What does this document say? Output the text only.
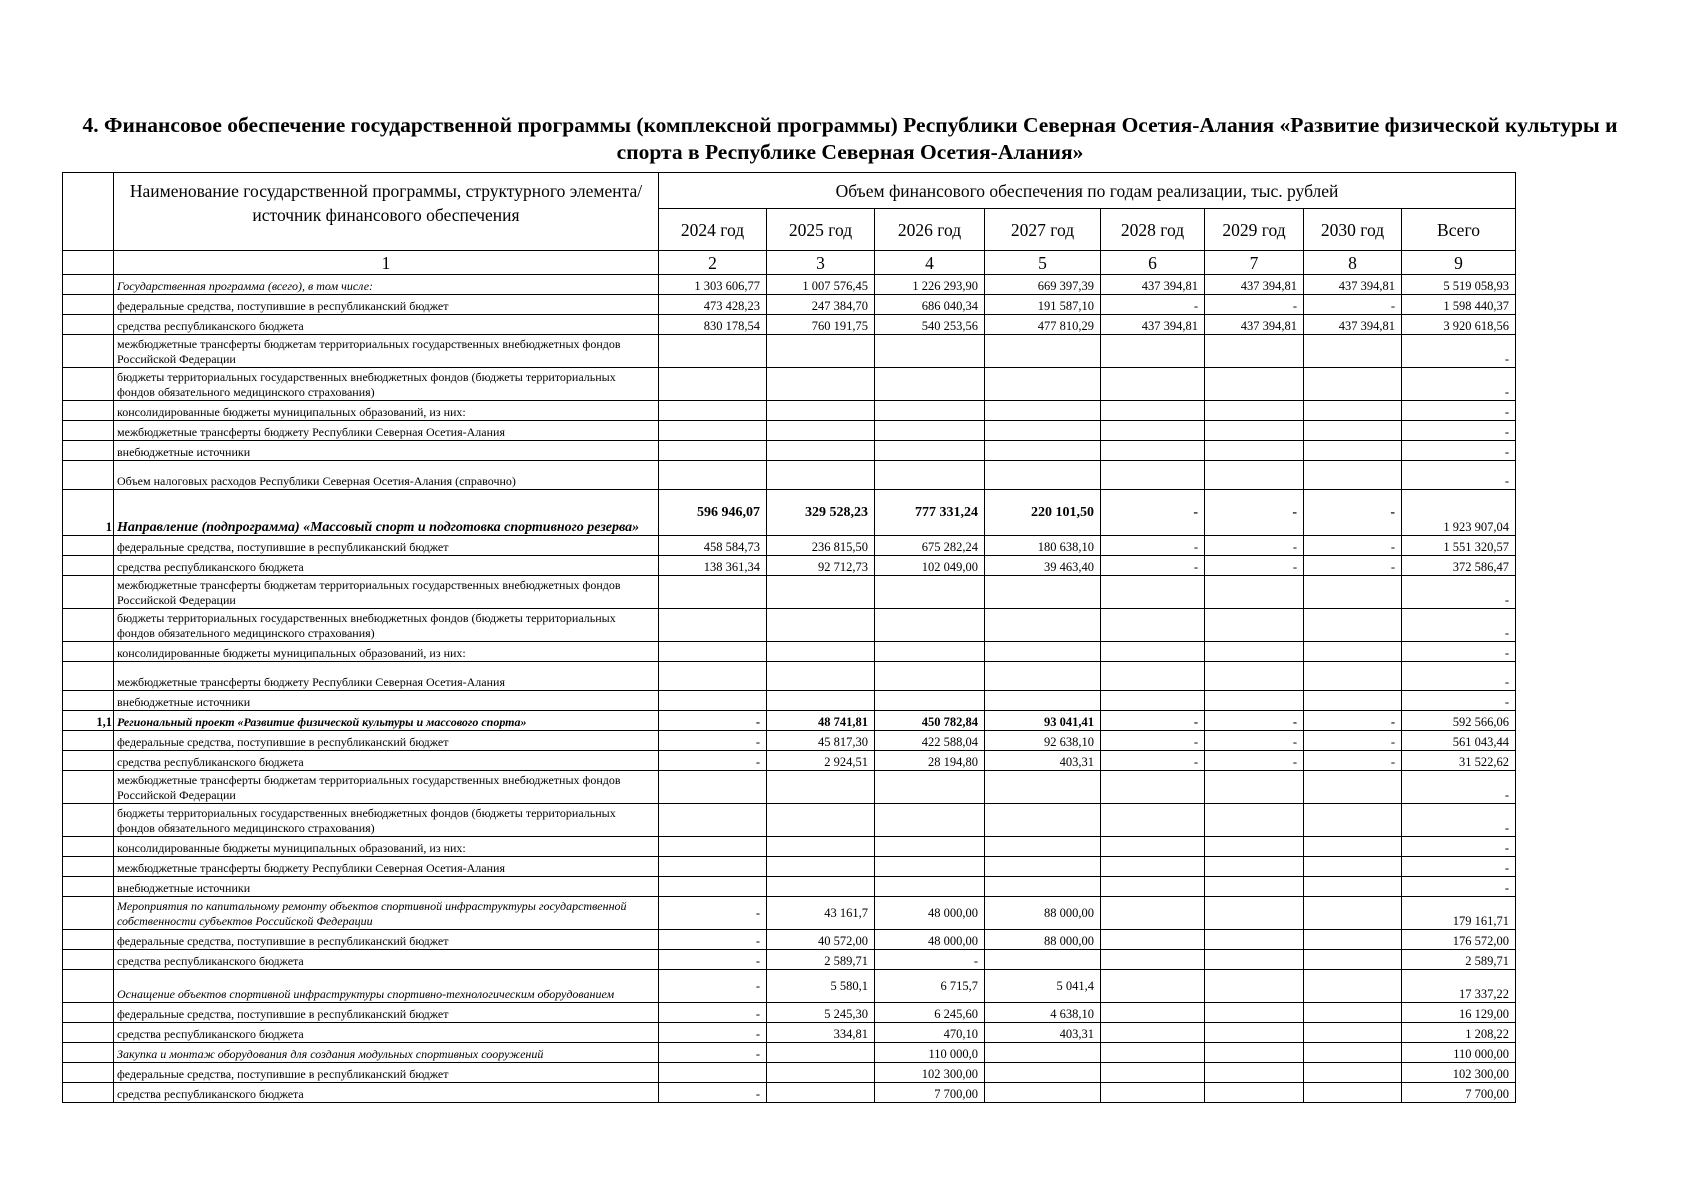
4. Финансовое обеспечение государственной программы (комплексной программы) Республики Северная Осетия-Алания «Развитие физической культуры и спорта в Республике Северная Осетия-Алания»
	Наименование государственной программы, структурного элемента/источник финансового обеспечения	Объем финансового обеспечения по годам реализации, тыс. рублей							
		2024 год	2025 год	2026 год	2027 год	2028 год	2029 год	2030 год	Всего
	1	2	3	4	5	6	7	8	9
	Государственная программа (всего), в том числе:	1 303 606,77	1 007 576,45	1 226 293,90	669 397,39	437 394,81	437 394,81	437 394,81	5 519 058,93
	федеральные средства, поступившие в республиканский бюджет	473 428,23	247 384,70	686 040,34	191 587,10	-	-	-	1 598 440,37
	средства республиканского бюджета	830 178,54	760 191,75	540 253,56	477 810,29	437 394,81	437 394,81	437 394,81	3 920 618,56
	межбюджетные трансферты бюджетам территориальных государственных внебюджетных фондов Российской Федерации								-
	бюджеты территориальных государственных внебюджетных фондов (бюджеты территориальных фондов обязательного медицинского страхования)								-
	консолидированные бюджеты муниципальных образований, из них:								-
	межбюджетные трансферты бюджету Республики Северная Осетия-Алания								-
	внебюджетные источники								-
	Объем налоговых расходов Республики Северная Осетия-Алания (справочно)								-
1	Направление (подпрограмма) «Массовый спорт и подготовка спортивного резерва»	596 946,07	329 528,23	777 331,24	220 101,50	-	-	-	1 923 907,04
	федеральные средства, поступившие в республиканский бюджет	458 584,73	236 815,50	675 282,24	180 638,10	-	-	-	1 551 320,57
	средства республиканского бюджета	138 361,34	92 712,73	102 049,00	39 463,40	-	-	-	372 586,47
	межбюджетные трансферты бюджетам территориальных государственных внебюджетных фондов Российской Федерации								-
	бюджеты территориальных государственных внебюджетных фондов (бюджеты территориальных фондов обязательного медицинского страхования)								-
	консолидированные бюджеты муниципальных образований, из них:								-
	межбюджетные трансферты бюджету Республики Северная Осетия-Алания								-
	внебюджетные источники								-
1,1	Региональный проект «Развитие физической культуры и массового спорта»	-	48 741,81	450 782,84	93 041,41	-	-	-	592 566,06
	федеральные средства, поступившие в республиканский бюджет	-	45 817,30	422 588,04	92 638,10	-	-	-	561 043,44
	средства республиканского бюджета	-	2 924,51	28 194,80	403,31	-	-	-	31 522,62
	межбюджетные трансферты бюджетам территориальных государственных внебюджетных фондов Российской Федерации								-
	бюджеты территориальных государственных внебюджетных фондов (бюджеты территориальных фондов обязательного медицинского страхования)								-
	консолидированные бюджеты муниципальных образований, из них:								-
	межбюджетные трансферты бюджету Республики Северная Осетия-Алания								-
	внебюджетные источники								-
	Мероприятия по капитальному ремонту объектов спортивной инфраструктуры государственной собственности субъектов Российской Федерации	-	43 161,7	48 000,00	88 000,00				179 161,71
	федеральные средства, поступившие в республиканский бюджет	-	40 572,00	48 000,00	88 000,00				176 572,00
	средства республиканского бюджета	-	2 589,71	-					2 589,71
	Оснащение объектов спортивной инфраструктуры спортивно-технологическим оборудованием	-	5 580,1	6 715,7	5 041,4				17 337,22
	федеральные средства, поступившие в республиканский бюджет	-	5 245,30	6 245,60	4 638,10				16 129,00
	средства республиканского бюджета	-	334,81	470,10	403,31				1 208,22
	Закупка и монтаж оборудования для создания модульных спортивных сооружений	-		110 000,0					110 000,00
	федеральные средства, поступившие в республиканский бюджет			102 300,00					102 300,00
	средства республиканского бюджета	-		7 700,00					7 700,00
